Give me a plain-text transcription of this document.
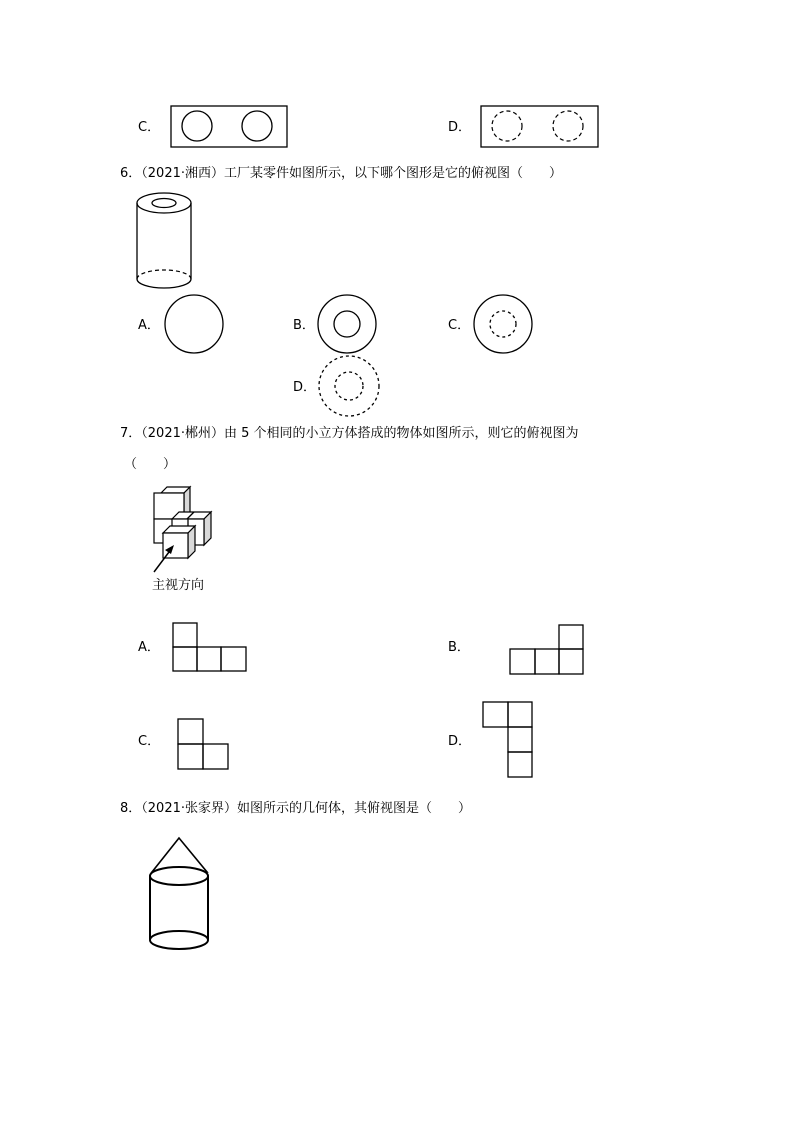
C．	D．
6．（2021·湘西）工厂某零件如图所示，以下哪个图形是它的俯视图（　　）
A．	B．	C．
D．
7．（2021·郴州）由 5 个相同的小立方体搭成的物体如图所示，则它的俯视图为
（　　）
主视方向
A．	B．
C．	D．
8．（2021·张家界）如图所示的几何体，其俯视图是（　　）
